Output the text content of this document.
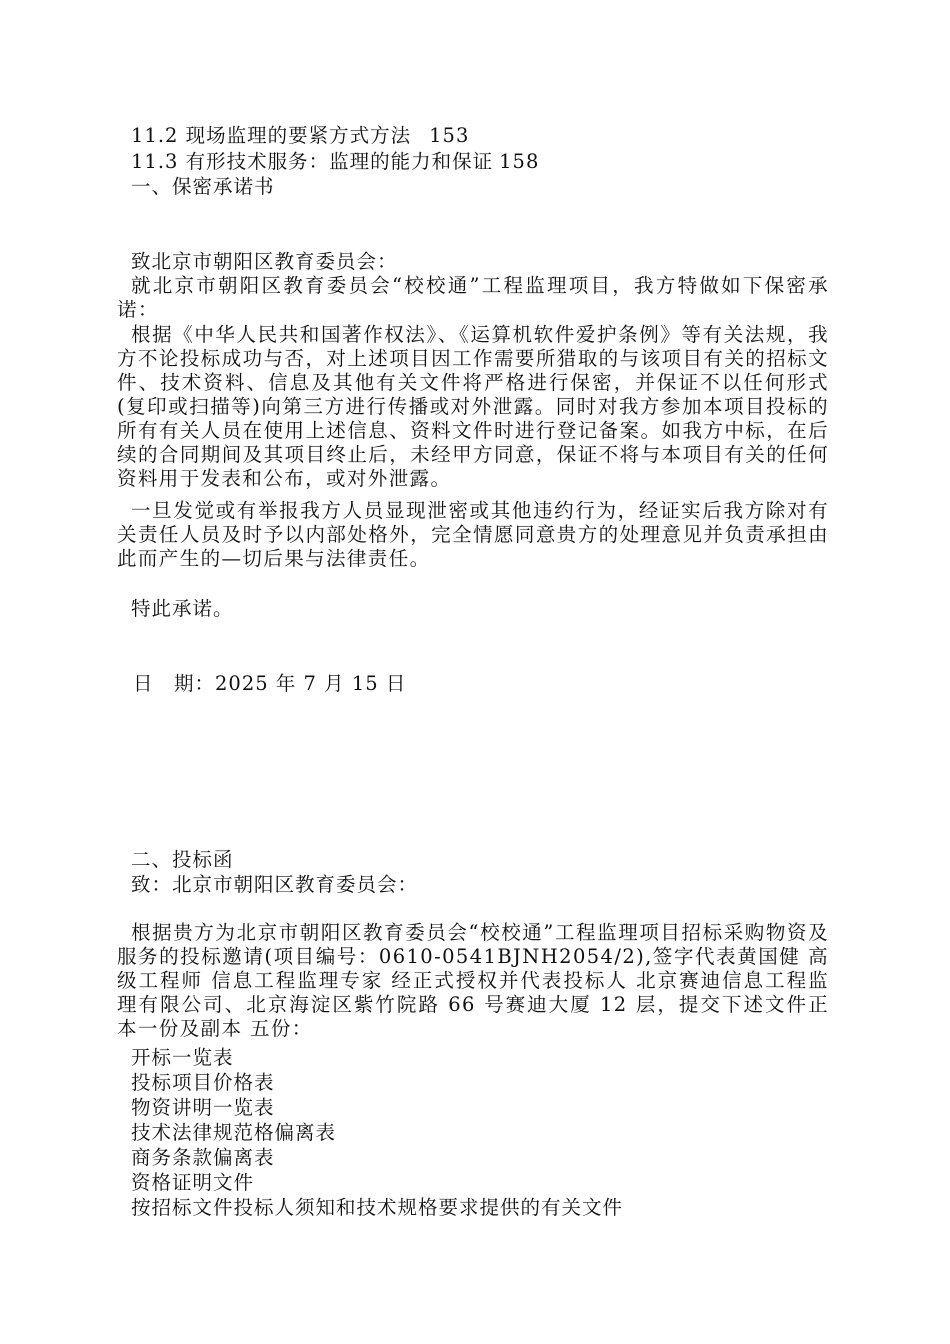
11.2 现场监理的要紧方式方法 153
11.3 有形技术服务：监理的能力和保证 158
一、保密承诺书
致北京市朝阳区教育委员会：
就北京市朝阳区教育委员会“校校通”工程监理项目，我方特做如下保密承诺：
根据《中华人民共和国著作权法》、《运算机软件爱护条例》等有关法规，我方不论投标成功与否，对上述项目因工作需要所猎取的与该项目有关的招标文件、技术资料、信息及其他有关文件将严格进行保密，并保证不以任何形式(复印或扫描等)向第三方进行传播或对外泄露。同时对我方参加本项目投标的所有有关人员在使用上述信息、资料文件时进行登记备案。如我方中标，在后续的合同期间及其项目终止后，未经甲方同意，保证不将与本项目有关的任何资料用于发表和公布，或对外泄露。
一旦发觉或有举报我方人员显现泄密或其他违约行为，经证实后我方除对有关责任人员及时予以内部处格外，完全情愿同意贵方的处理意见并负责承担由此而产生的—切后果与法律责任。
特此承诺。
日　期：2025 年 7 月 15 日
二、投标函
致：北京市朝阳区教育委员会：
根据贵方为北京市朝阳区教育委员会“校校通”工程监理项目招标采购物资及服务的投标邀请(项目编号：0610-0541BJNH2054/2),签字代表黄国健 高级工程师 信息工程监理专家 经正式授权并代表投标人 北京赛迪信息工程监理有限公司、北京海淀区紫竹院路 66 号赛迪大厦 12 层，提交下述文件正本一份及副本 五份：
开标一览表
投标项目价格表
物资讲明一览表
技术法律规范格偏离表
商务条款偏离表
资格证明文件
按招标文件投标人须知和技术规格要求提供的有关文件
